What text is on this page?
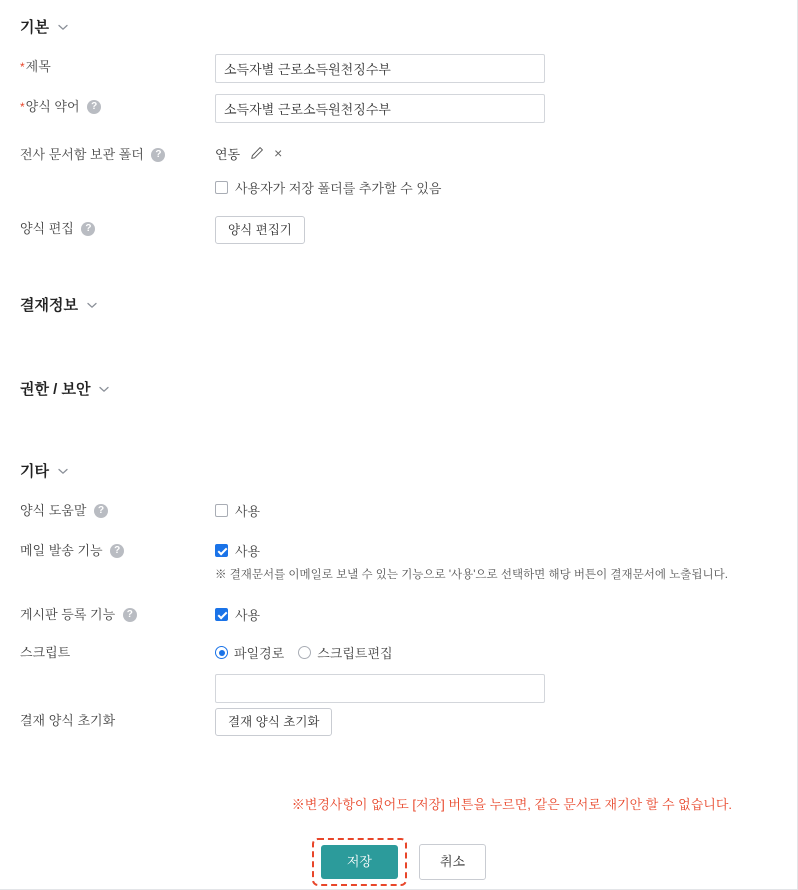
기본
*제목
소득자별 근로소득원천징수부
*양식 약어 ?
소득자별 근로소득원천징수부
전사 문서함 보관 폴더 ?	연동 ×
사용자가 저장 폴더를 추가할 수 있음
양식 편집 ?	양식 편집기
결재정보
권한 / 보안
기타
양식 도움말 ?	사용
메일 발송 기능 ?	사용
※ 결재문서를 이메일로 보낼 수 있는 기능으로 '사용'으로 선택하면 해당 버튼이 결재문서에 노출됩니다.
게시판 등록 기능 ?	사용
스크립트	파일경로	스크립트편집
결재 양식 초기화	결재 양식 초기화
※변경사항이 없어도 [저장] 버튼을 누르면, 같은 문서로 재기안 할 수 없습니다.
저장	취소
